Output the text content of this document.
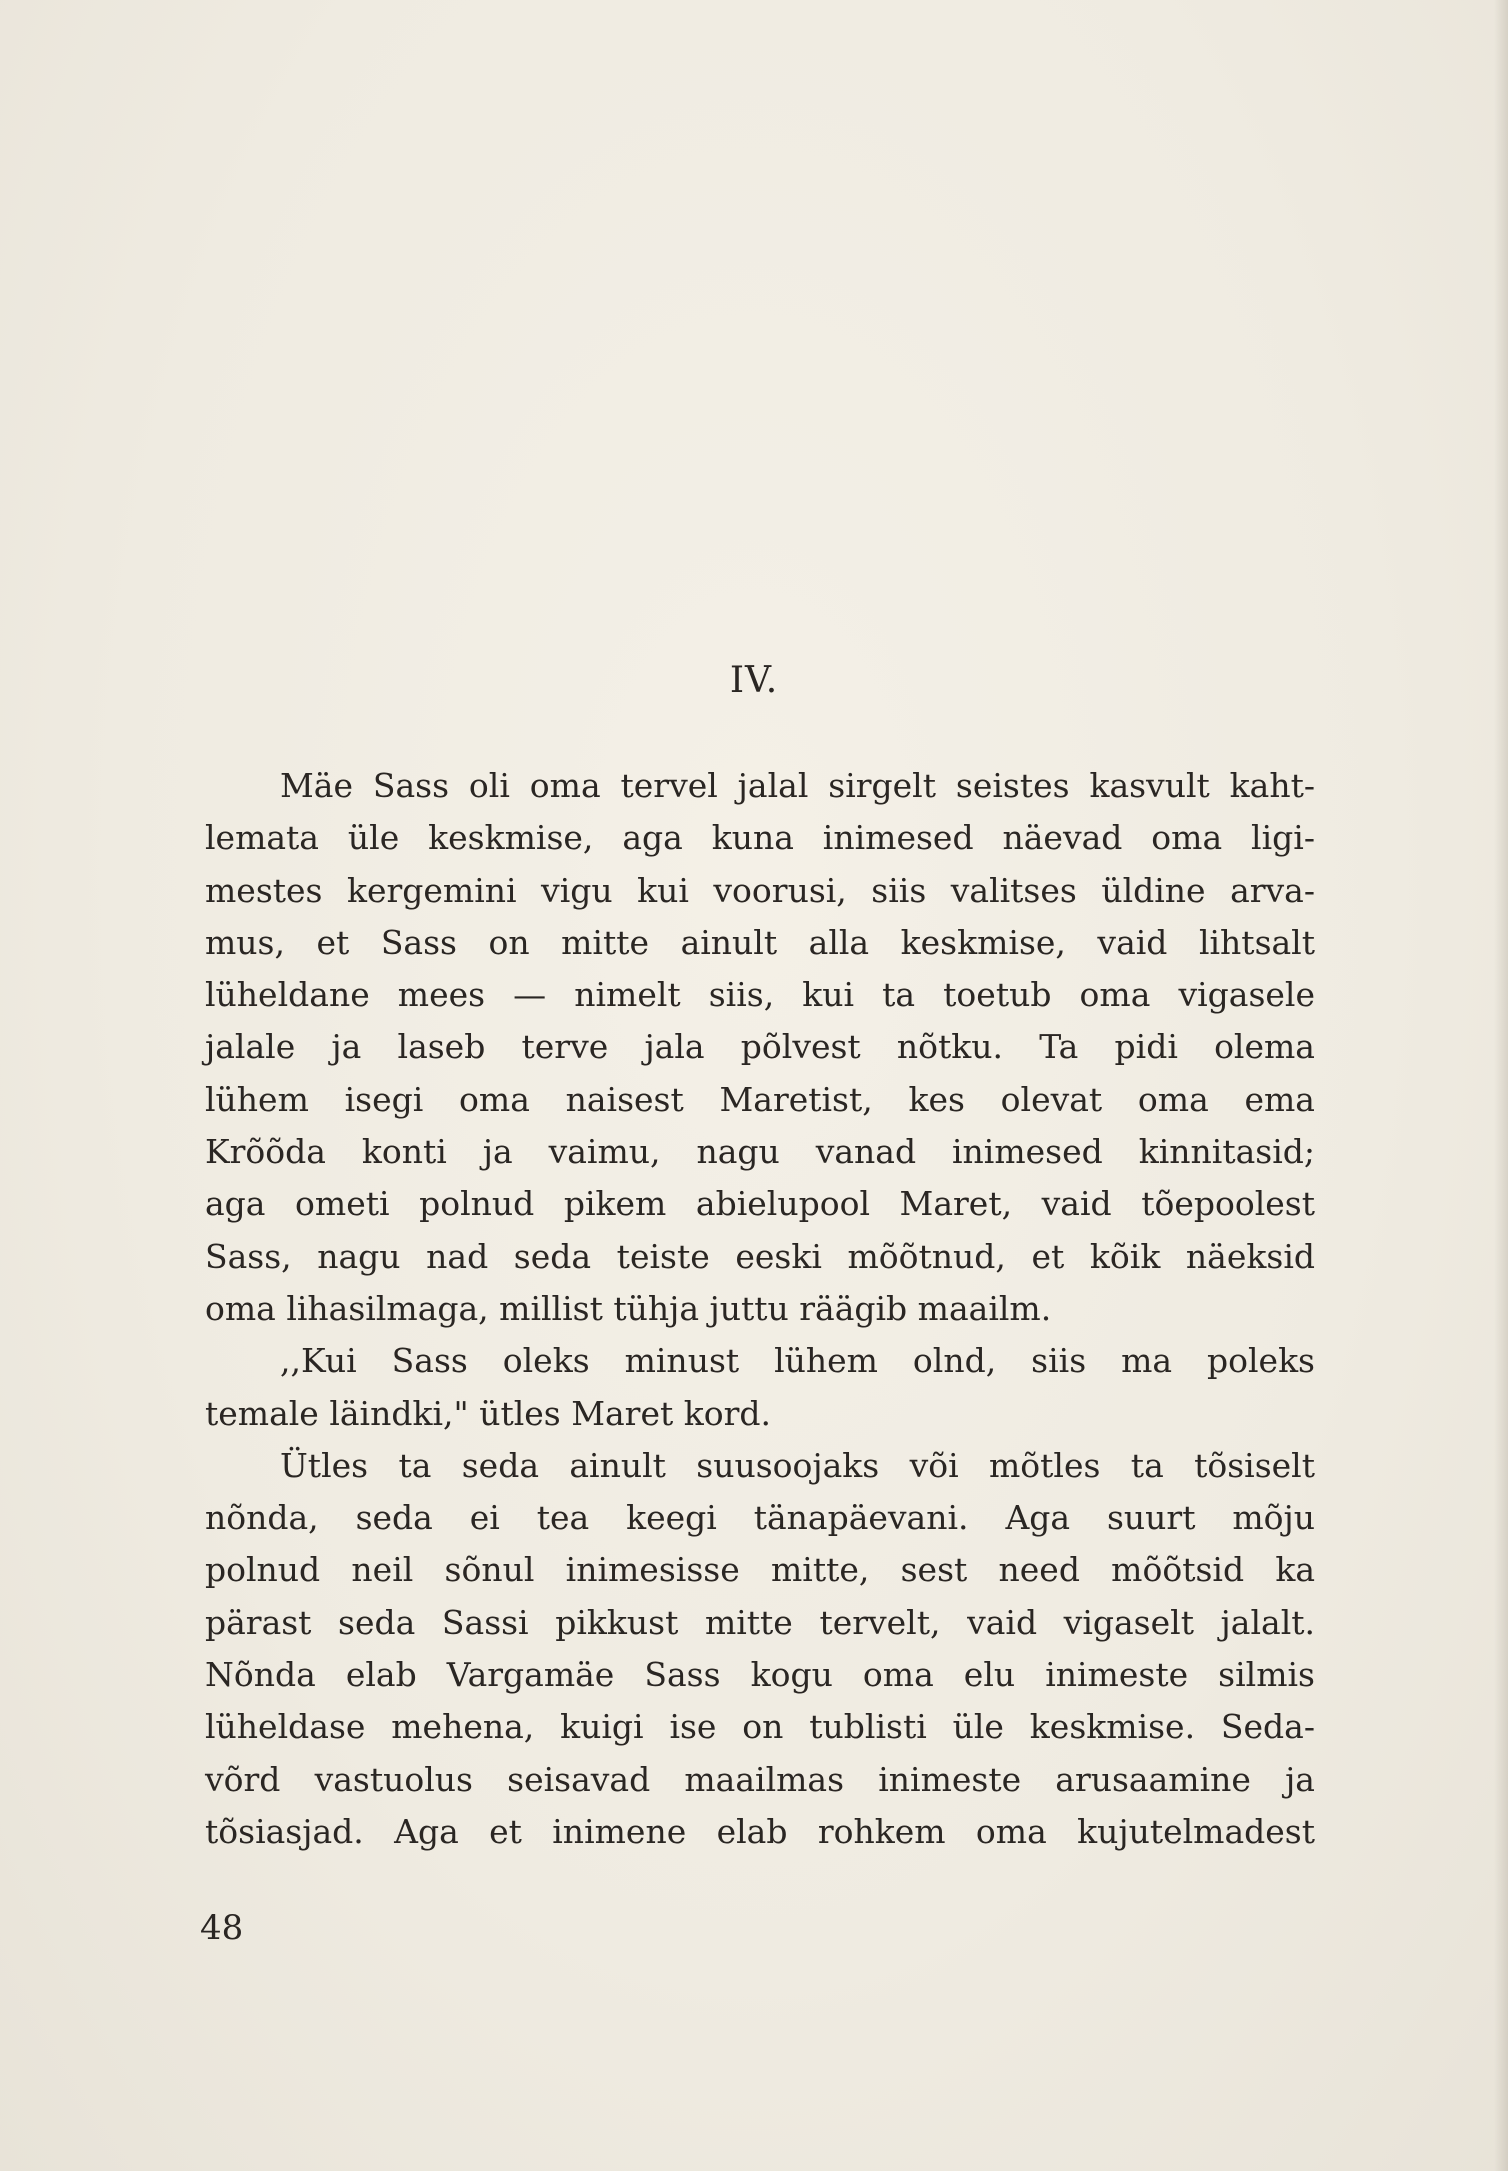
IV.
Mäe Sass oli oma tervel jalal sirgelt seistes kasvult kaht-
lemata üle keskmise, aga kuna inimesed näevad oma ligi-
mestes kergemini vigu kui voorusi, siis valitses üldine arva-
mus, et Sass on mitte ainult alla keskmise, vaid lihtsalt
lüheldane mees — nimelt siis, kui ta toetub oma vigasele
jalale ja laseb terve jala põlvest nõtku. Ta pidi olema
lühem isegi oma naisest Maretist, kes olevat oma ema
Krõõda konti ja vaimu, nagu vanad inimesed kinnitasid;
aga ometi polnud pikem abielupool Maret, vaid tõepoolest
Sass, nagu nad seda teiste eeski mõõtnud, et kõik näeksid
oma lihasilmaga, millist tühja juttu räägib maailm.
,,Kui Sass oleks minust lühem olnd, siis ma poleks
temale läindki," ütles Maret kord.
Ütles ta seda ainult suusoojaks või mõtles ta tõsiselt
nõnda, seda ei tea keegi tänapäevani. Aga suurt mõju
polnud neil sõnul inimesisse mitte, sest need mõõtsid ka
pärast seda Sassi pikkust mitte tervelt, vaid vigaselt jalalt.
Nõnda elab Vargamäe Sass kogu oma elu inimeste silmis
lüheldase mehena, kuigi ise on tublisti üle keskmise. Seda-
võrd vastuolus seisavad maailmas inimeste arusaamine ja
tõsiasjad. Aga et inimene elab rohkem oma kujutelmadest

48
